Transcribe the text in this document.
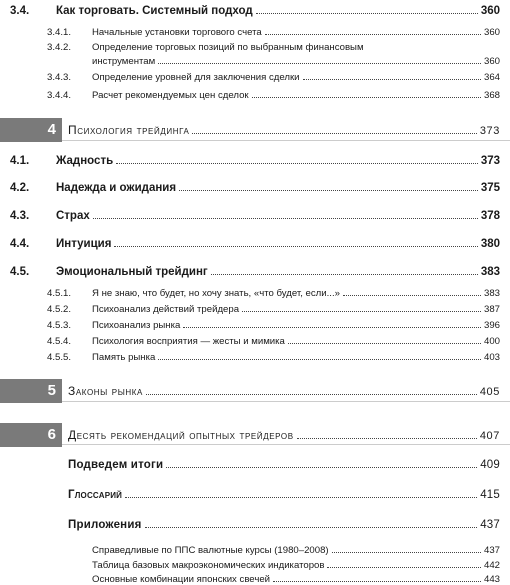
3.4.	Как торговать. Системный подход	360
3.4.1.	Начальные установки торгового счета	360
3.4.2.	Определение торговых позиций по выбранным финансовым
инструментам	360
3.4.3.	Определение уровней для заключения сделки	364
3.4.4.	Расчет рекомендуемых цен сделок	368
4	Психология трейдинга	373
4.1.	Жадность	373
4.2.	Надежда и ожидания	375
4.3.	Страх	378
4.4.	Интуиция	380
4.5.	Эмоциональный трейдинг	383
4.5.1.	Я не знаю, что будет, но хочу знать, «что будет, если...»	383
4.5.2.	Психоанализ действий трейдера	387
4.5.3.	Психоанализ рынка	396
4.5.4.	Психология восприятия — жесты и мимика	400
4.5.5.	Память рынка	403
5	Законы рынка	405
6	Десять рекомендаций опытных трейдеров	407
Подведем итоги	409
Глоссарий	415
Приложения	437
Справедливые по ППС валютные курсы (1980–2008)	437
Таблица базовых макроэкономических индикаторов	442
Основные комбинации японских свечей	443
